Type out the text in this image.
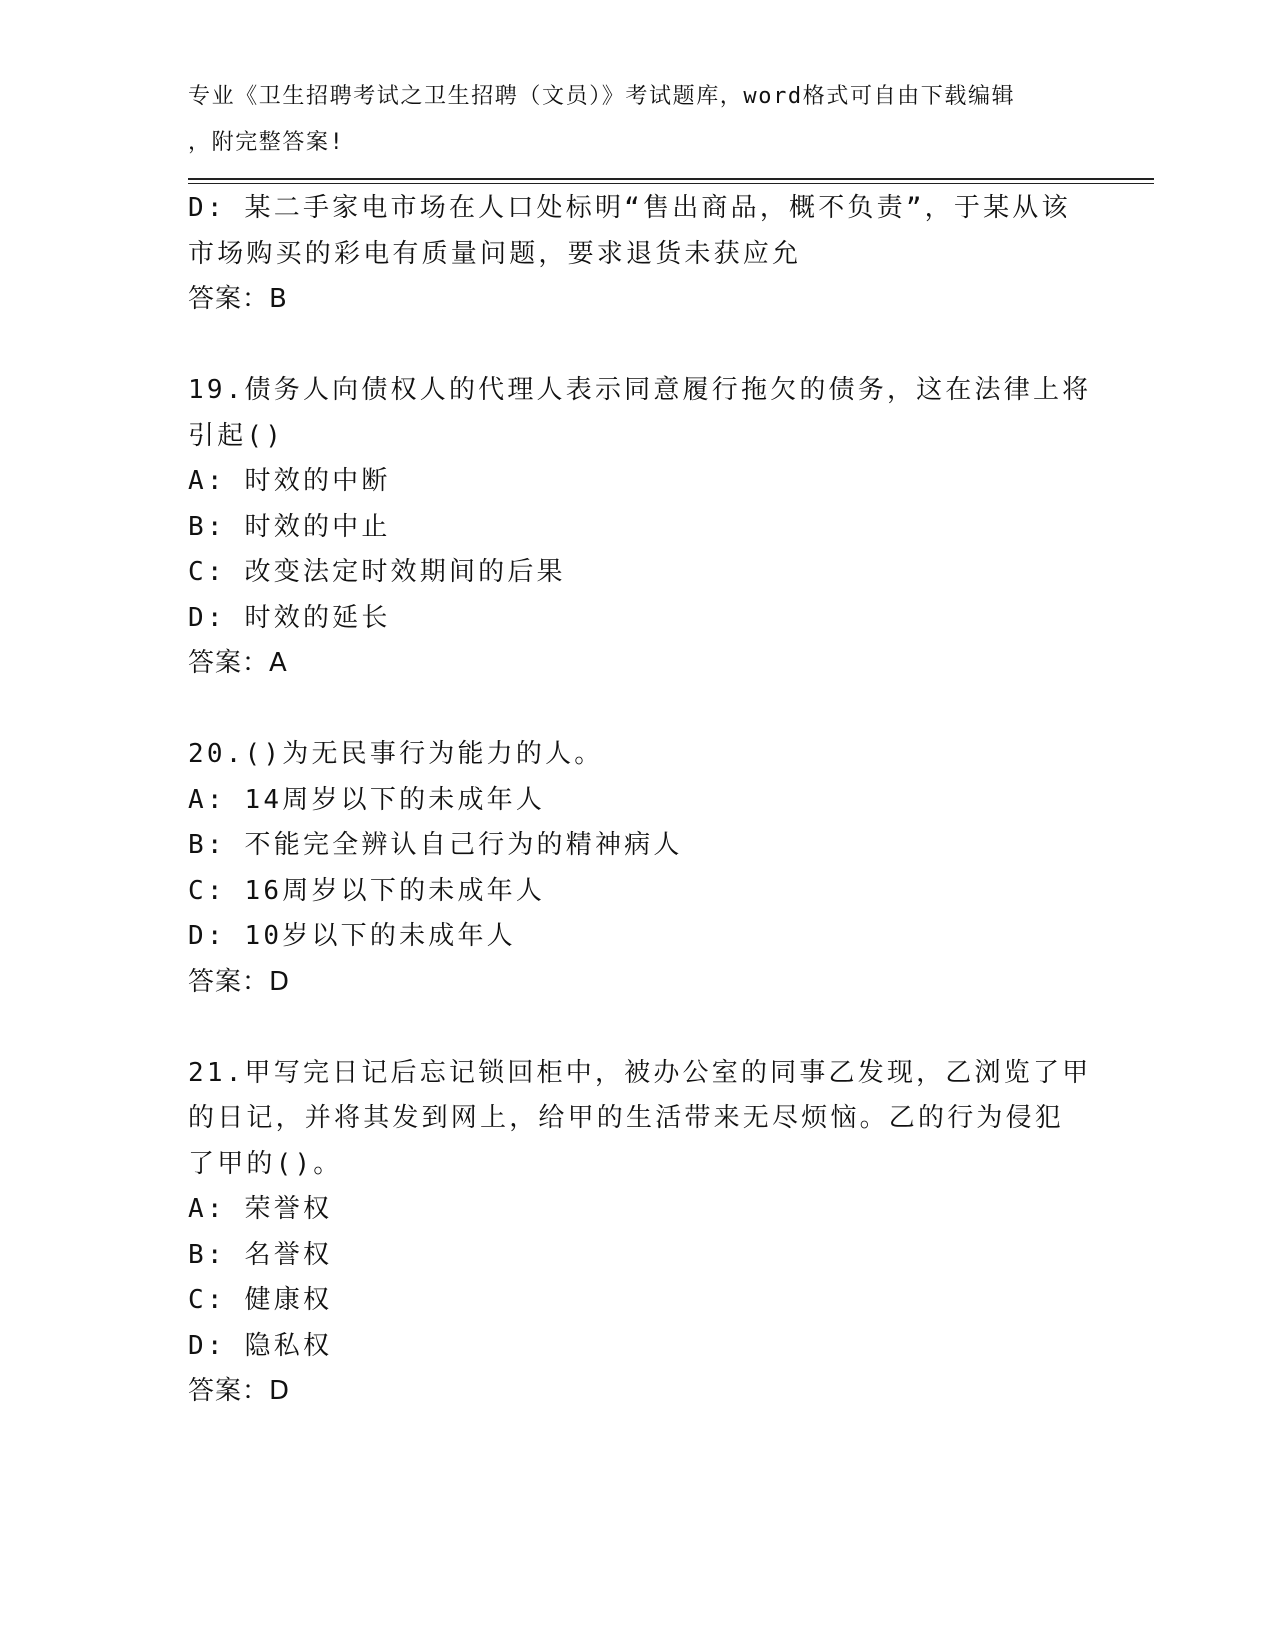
专业《卫生招聘考试之卫生招聘（文员）》考试题库，word格式可自由下载编辑
，附完整答案!
D: 某二手家电市场在人口处标明“售出商品，概不负责”，于某从该
市场购买的彩电有质量问题，要求退货未获应允
答案：B
19.债务人向债权人的代理人表示同意履行拖欠的债务，这在法律上将
引起()
A: 时效的中断
B: 时效的中止
C: 改变法定时效期间的后果
D: 时效的延长
答案：A
20.()为无民事行为能力的人。
A: 14周岁以下的未成年人
B: 不能完全辨认自己行为的精神病人
C: 16周岁以下的未成年人
D: 10岁以下的未成年人
答案：D
21.甲写完日记后忘记锁回柜中，被办公室的同事乙发现，乙浏览了甲
的日记，并将其发到网上，给甲的生活带来无尽烦恼。乙的行为侵犯
了甲的()。
A: 荣誉权
B: 名誉权
C: 健康权
D: 隐私权
答案：D
